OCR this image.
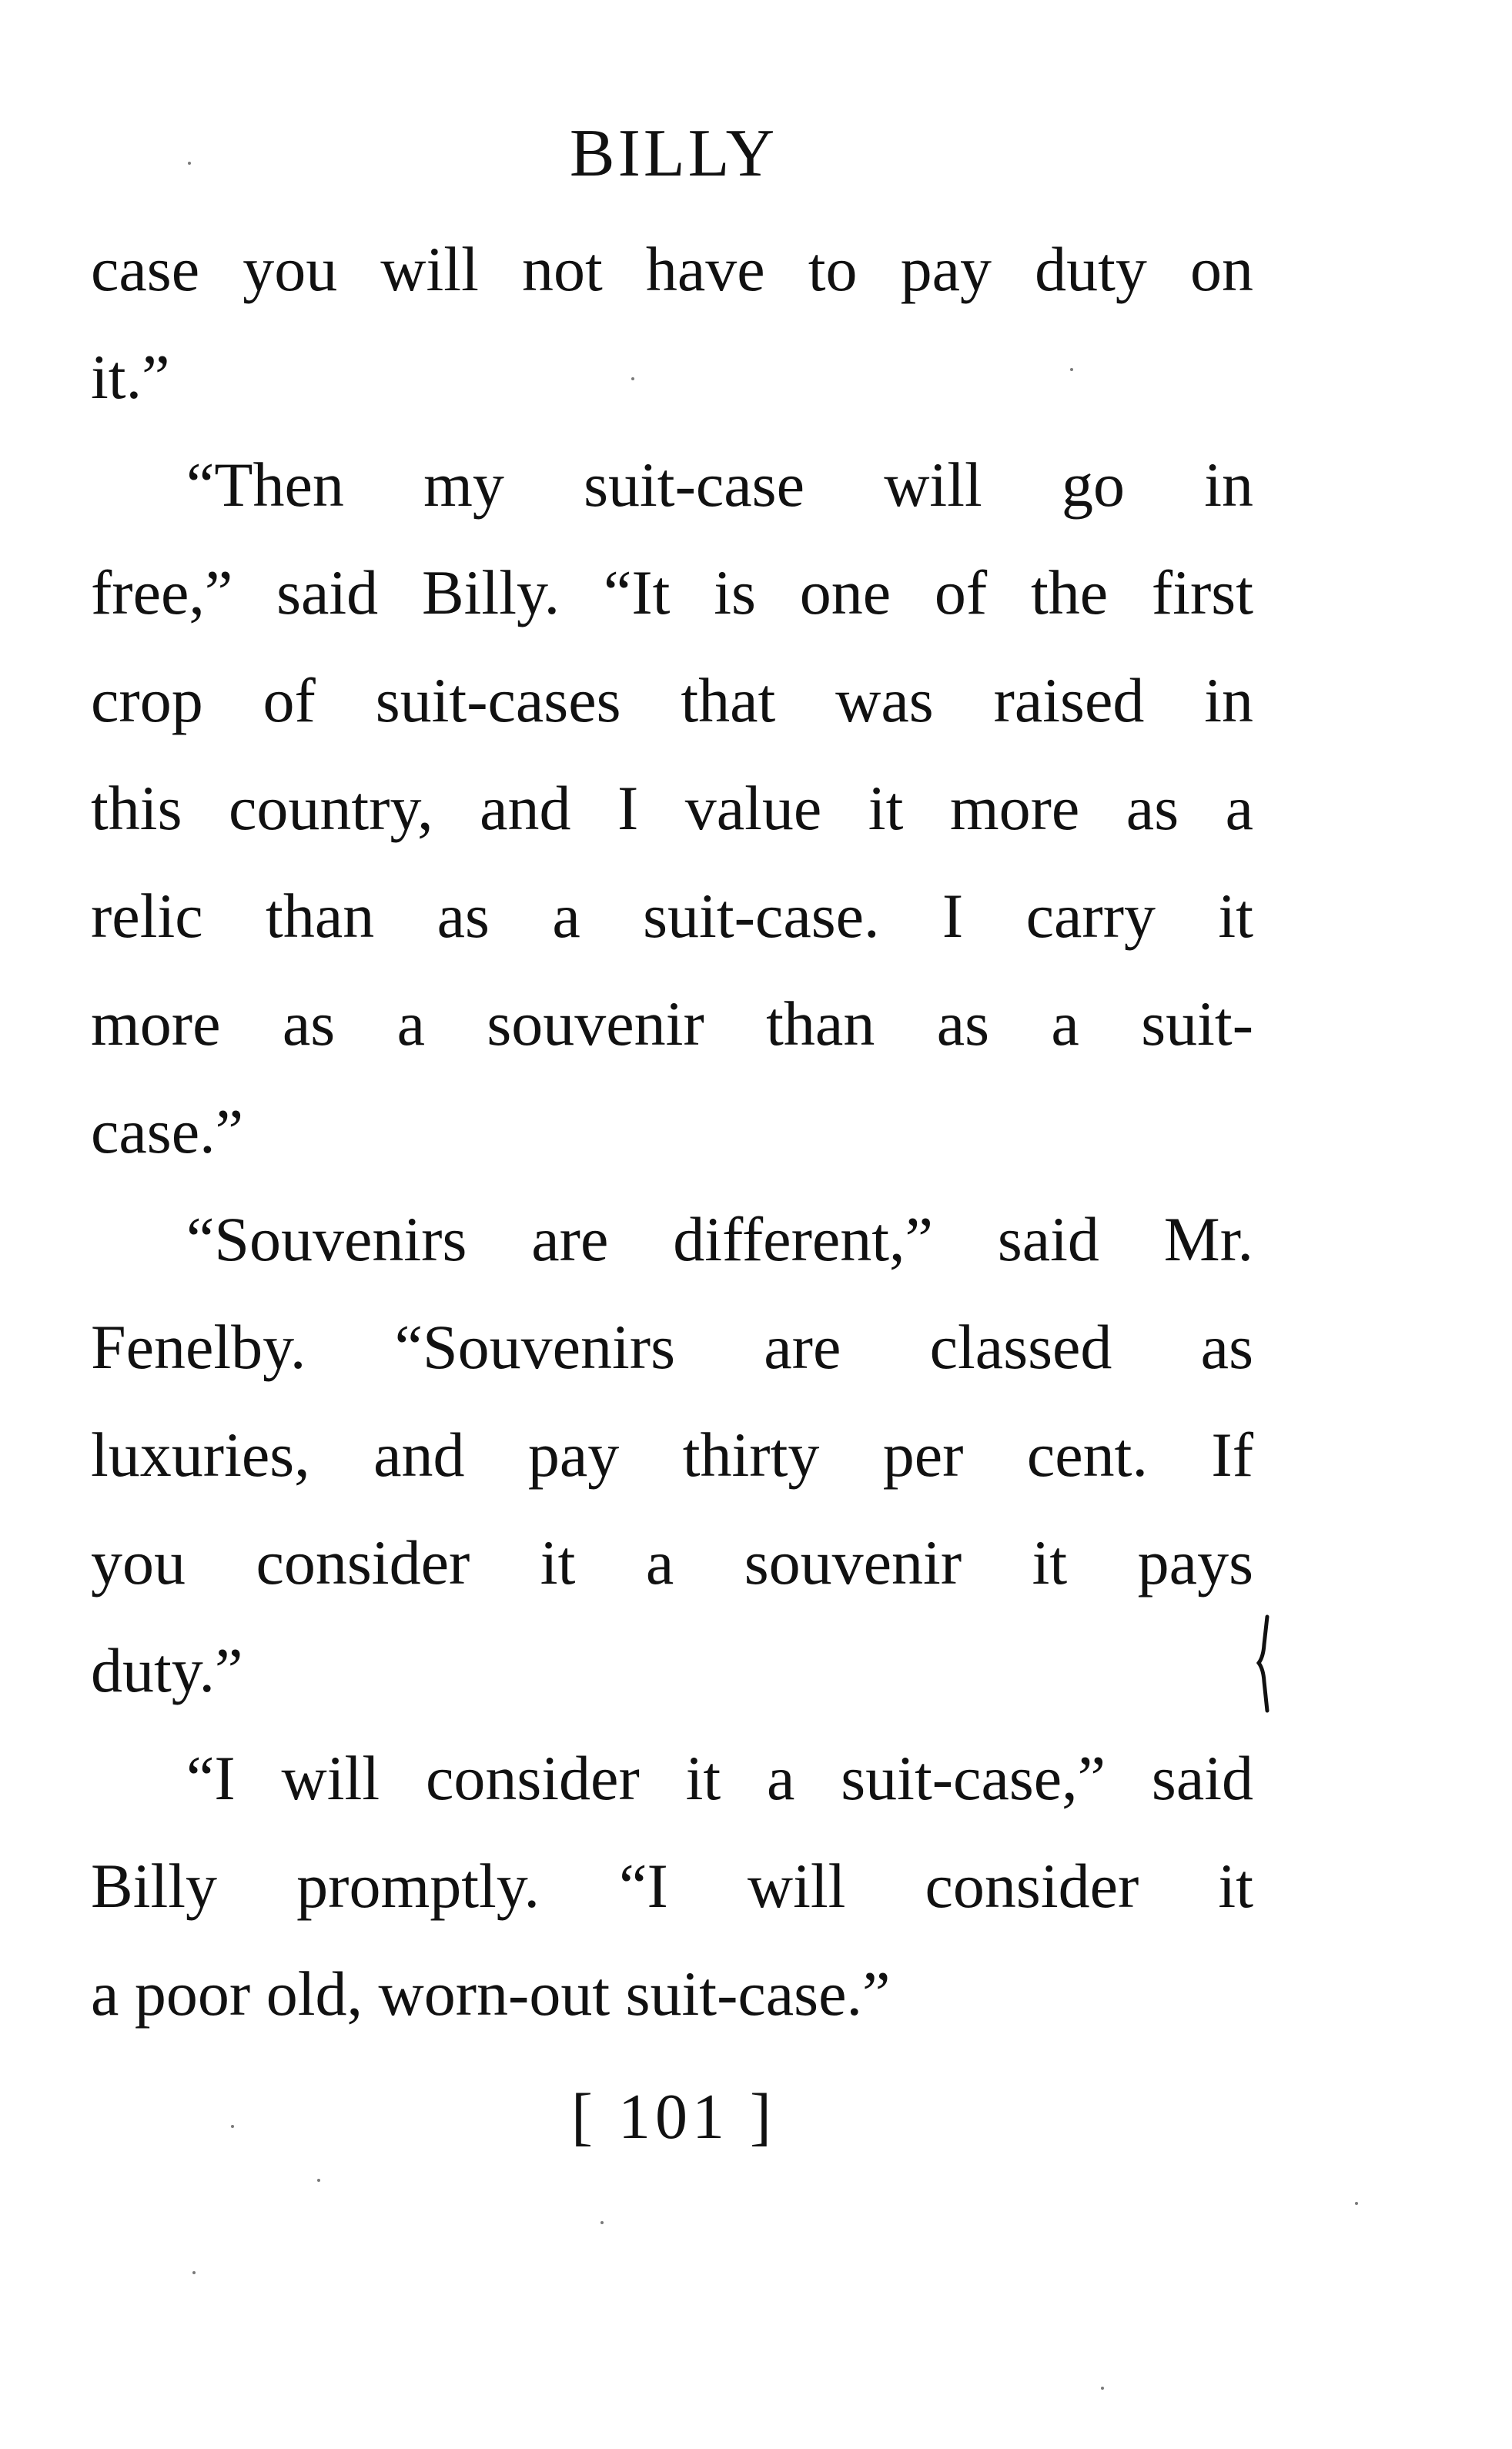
BILLY
case you will not have to pay duty on
it.”
“Then my suit-case will go in
free,” said Billy. “It is one of the first
crop of suit-cases that was raised in
this country, and I value it more as a
relic than as a suit-case. I carry it
more as a souvenir than as a suit-
case.”
“Souvenirs are different,” said Mr.
Fenelby. “Souvenirs are classed as
luxuries, and pay thirty per cent. If
you consider it a souvenir it pays
duty.”
“I will consider it a suit-case,” said
Billy promptly. “I will consider it
a poor old, worn-out suit-case.”
[ 101 ]
